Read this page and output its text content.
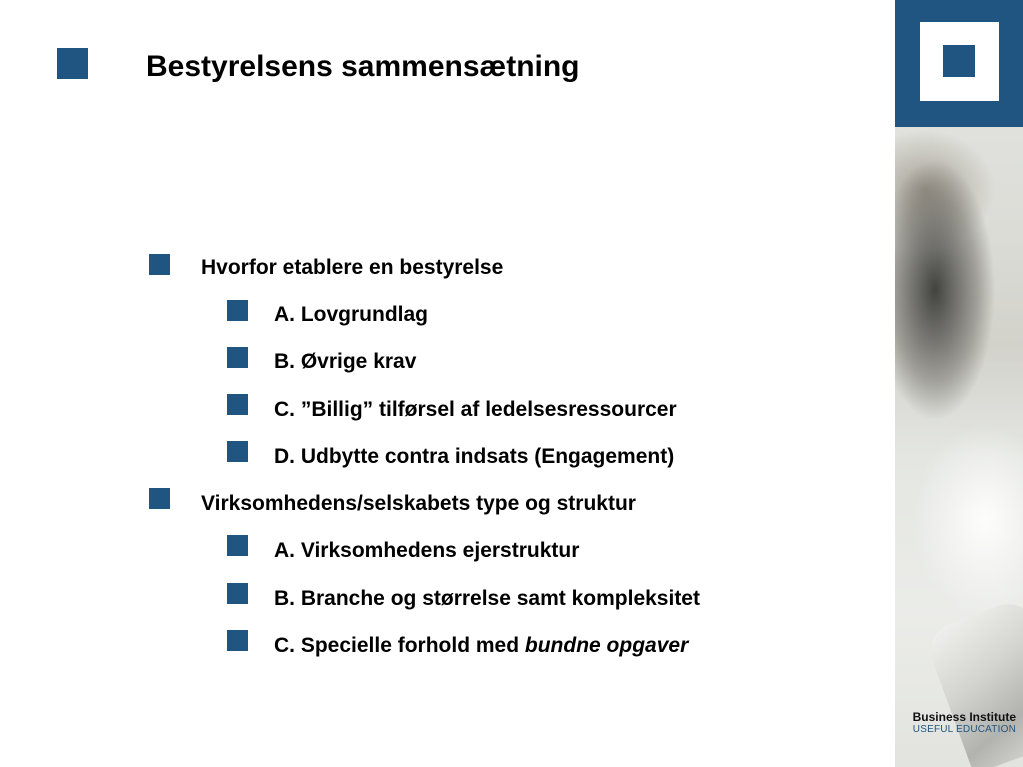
Bestyrelsens sammensætning
Hvorfor etablere en bestyrelse
A. Lovgrundlag
B. Øvrige krav
C. ”Billig” tilførsel af ledelsesressourcer
D. Udbytte contra indsats (Engagement)
Virksomhedens/selskabets type og struktur
A. Virksomhedens ejerstruktur
B. Branche og størrelse samt kompleksitet
C. Specielle forhold med bundne opgaver
Business Institute
USEFUL EDUCATION
